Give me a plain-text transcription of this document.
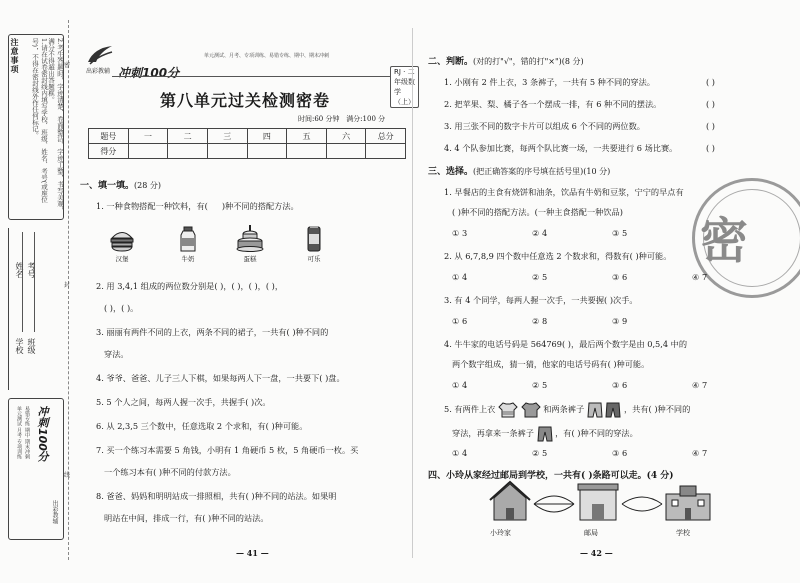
注意事项	1.请在试卷密封线内填写学校、班级、姓名、考号(或座位号)，不得在密封线外作任何标记。	2.考生答题时，字迹清楚、卷面整洁、字迹工整，书写美观，满分不得超出答题框。
学校 班级
姓名 考号
冲刺100分
单元测试 月考 专项训练 易错专练 期中 期末冲刺
出彩教辅
密
封
线
出彩教辅 冲刺100分
单元测试、月考、专项训练、易错专练、期中、期末冲刺
RJ · 二年级数学（上）
第八单元过关检测密卷
时间:60 分钟 满分:100 分
题号	一	二	三	四	五	六	总分
得分							
一、填一填。(28 分)
1. 一种食物搭配一种饮料，有( )种不同的搭配方法。
汉堡	牛奶	蛋糕	可乐
2. 用 3,4,1 组成的两位数分别是( )，( )，( )，( )，
( )，( )。
3. 丽丽有两件不同的上衣，两条不同的裙子，一共有( )种不同的
穿法。
4. 爷爷、爸爸、儿子三人下棋，如果每两人下一盘，一共要下( )盘。
5. 5 个人之间，每两人握一次手，共握手( )次。
6. 从 2,3,5 三个数中，任意选取 2 个求和，有( )种可能。
7. 买一个练习本需要 5 角钱，小明有 1 角硬币 5 枚，5 角硬币一枚。买
一个练习本有( )种不同的付款方法。
8. 爸爸、妈妈和明明站成一排照相，共有( )种不同的站法。如果明
明站在中间，排成一行，有( )种不同的站法。
— 41 —
密
二、判断。(对的打"√"，错的打"×")(8 分)
1. 小刚有 2 件上衣，3 条裤子，一共有 5 种不同的穿法。
2. 把苹果、梨、橘子各一个摆成一排，有 6 种不同的摆法。
3. 用三张不同的数字卡片可以组成 6 个不同的两位数。
4. 4 个队参加比赛，每两个队比赛一场，一共要进行 6 场比赛。
( )
( )
( )
( )
三、选择。(把正确答案的序号填在括号里)(10 分)
1. 早餐店的主食有烧饼和油条，饮品有牛奶和豆浆，宁宁的早点有
( )种不同的搭配方法。(一种主食搭配一种饮品)
① 3	② 4	③ 5
2. 从 6,7,8,9 四个数中任意选 2 个数求和，得数有( )种可能。
① 4	② 5	③ 6	④ 7
3. 有 4 个同学，每两人握一次手，一共要握( )次手。
① 6	② 8	③ 9
4. 牛牛家的电话号码是 564769( )，最后两个数字是由 0,5,4 中的
两个数字组成，猜一猜，他家的电话号码有( )种可能。
① 4	② 5	③ 6	④ 7
5. 有两件上衣	和两条裤子	，共有( )种不同的
穿法，再拿来一条裤子	，有( )种不同的穿法。
① 4	② 5	③ 6	④ 7
四、小玲从家经过邮局到学校，一共有( )条路可以走。(4 分)
小玲家	邮局	学校
— 42 —
